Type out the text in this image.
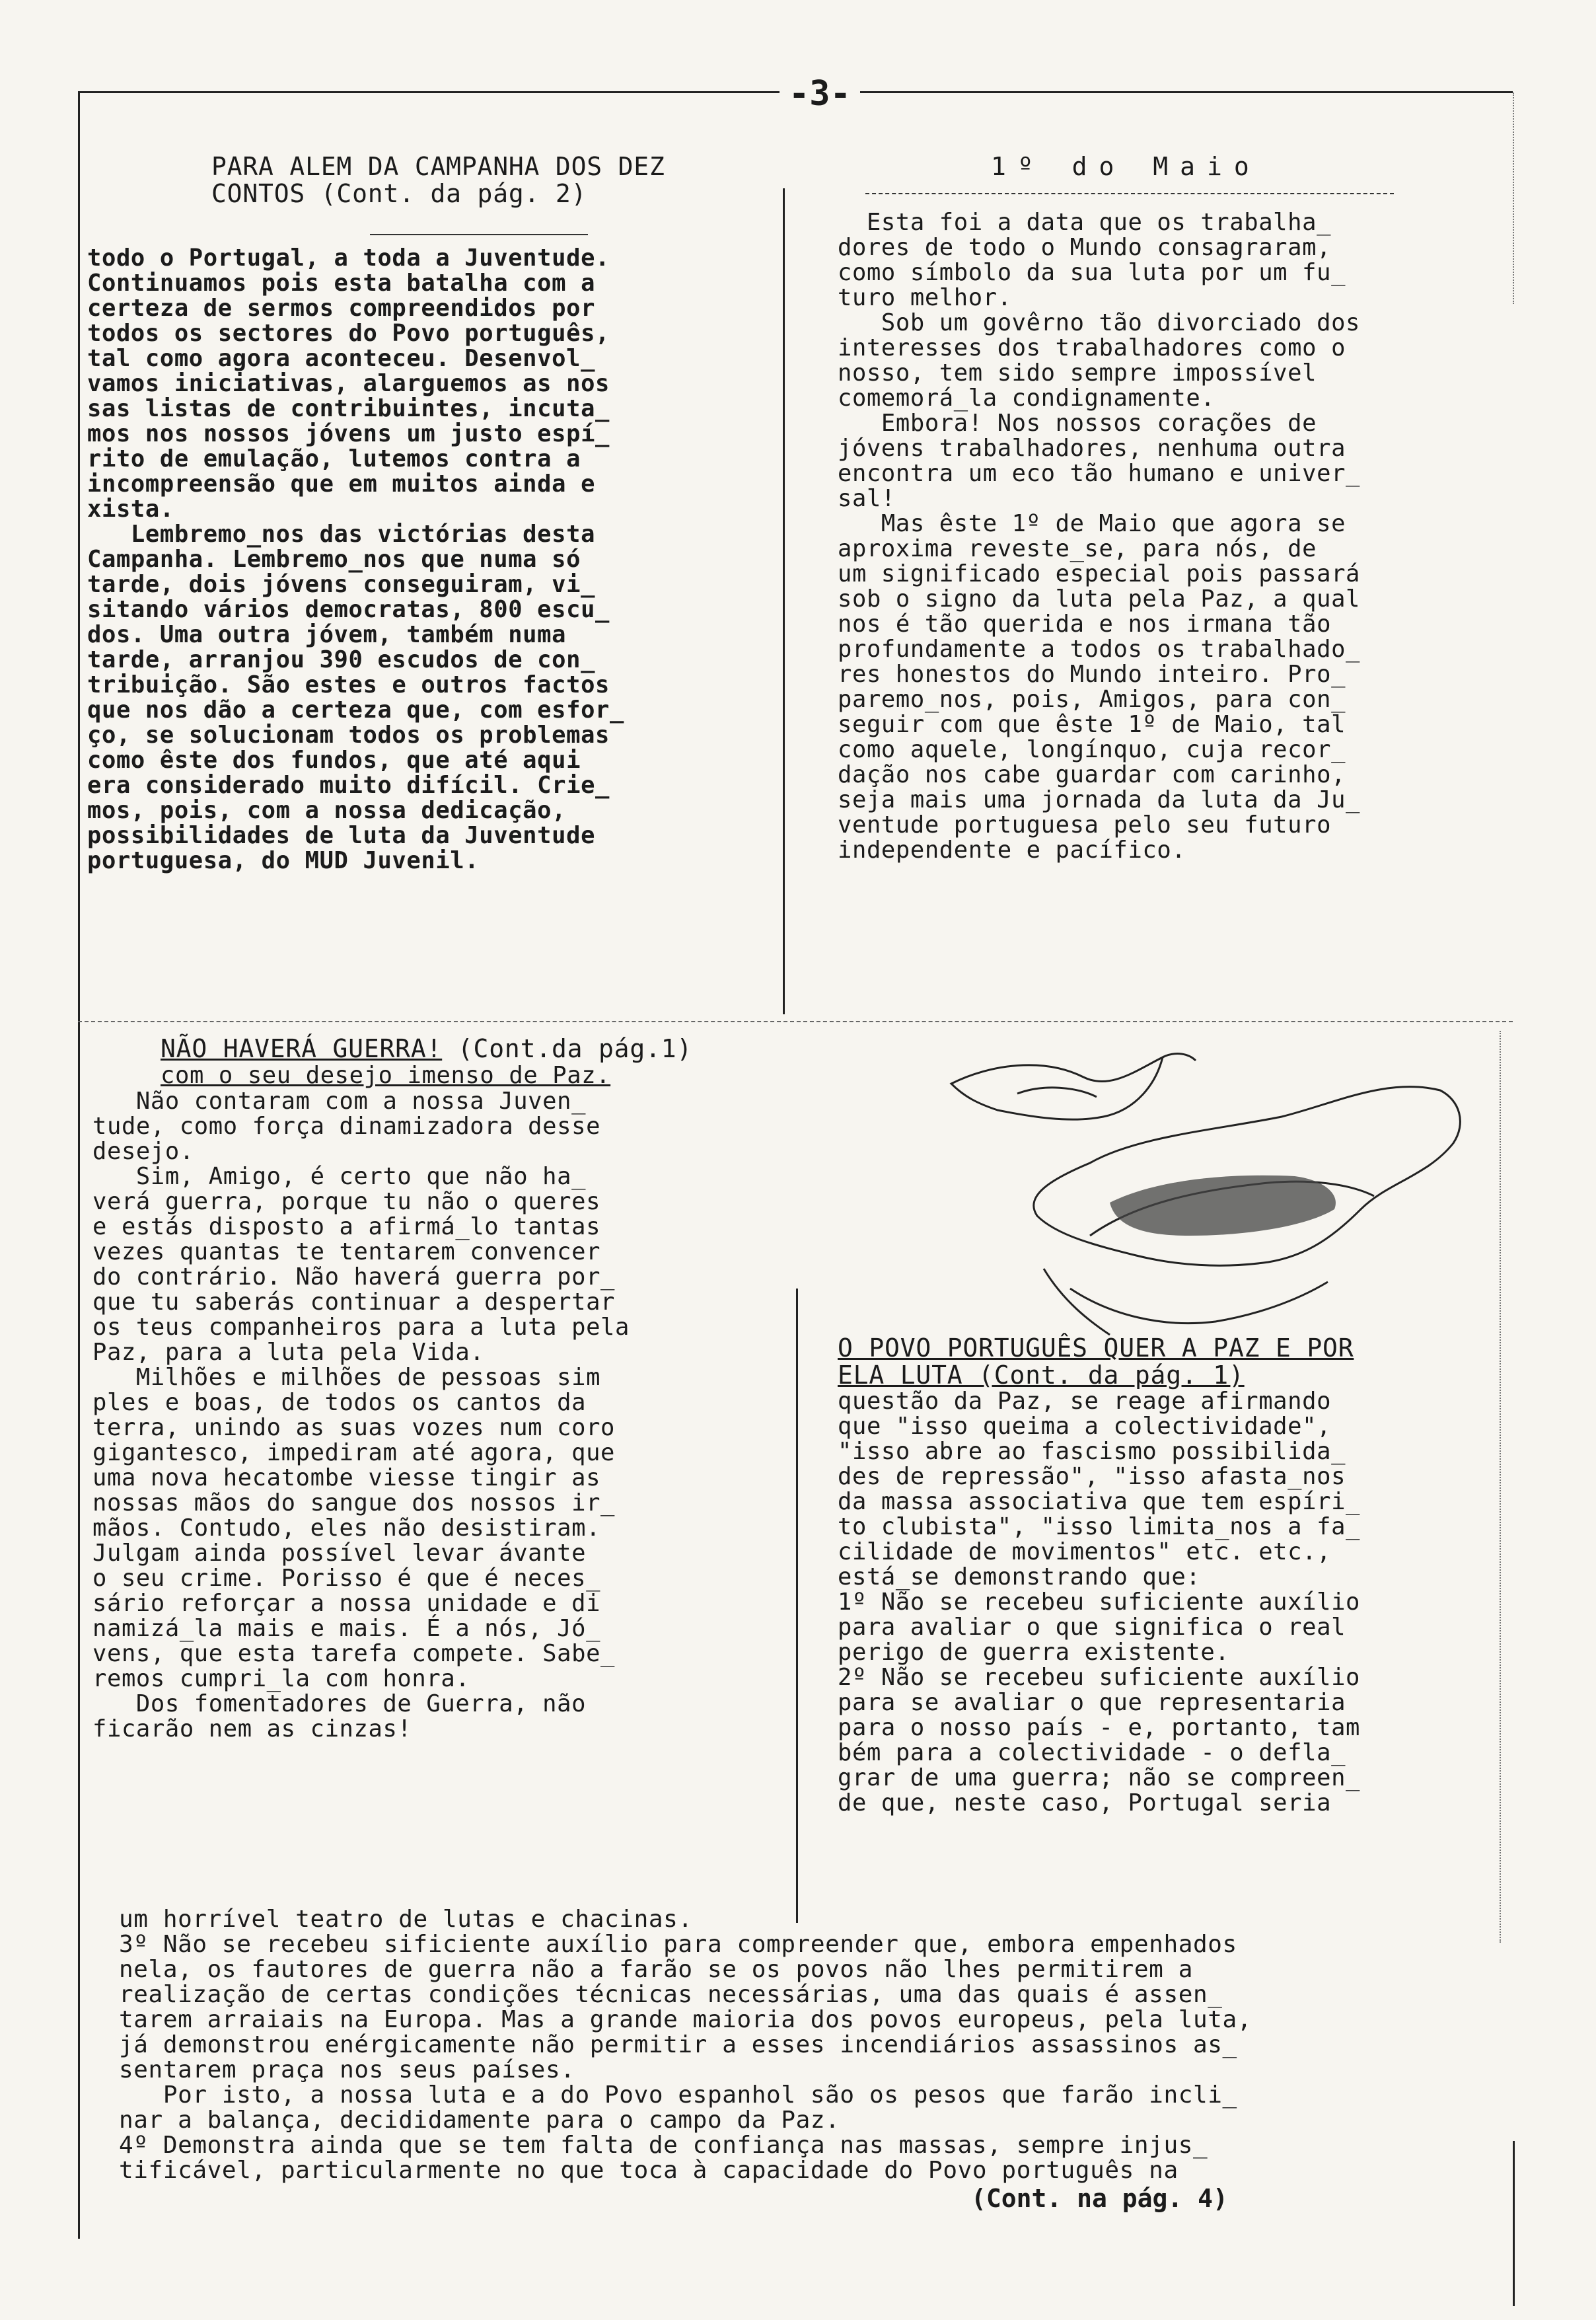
-3-
PARA ALEM DA CAMPANHA DOS DEZ
CONTOS (Cont. da pág. 2)
todo o Portugal, a toda a Juventude.
Continuamos pois esta batalha com a
certeza de sermos compreendidos por
todos os sectores do Povo português,
tal como agora aconteceu. Desenvol_
vamos iniciativas, alarguemos as nos
sas listas de contribuintes, incuta_
mos nos nossos jóvens um justo espí_
rito de emulação, lutemos contra a
incompreensão que em muitos ainda e
xista.
Lembremo_nos das victórias desta
Campanha. Lembremo_nos que numa só
tarde, dois jóvens conseguiram, vi_
sitando vários democratas, 800 escu_
dos. Uma outra jóvem, também numa
tarde, arranjou 390 escudos de con_
tribuição. São estes e outros factos
que nos dão a certeza que, com esfor_
ço, se solucionam todos os problemas
como êste dos fundos, que até aqui
era considerado muito difícil. Crie_
mos, pois, com a nossa dedicação,
possibilidades de luta da Juventude
portuguesa, do MUD Juvenil.
1º do Maio
Esta foi a data que os trabalha_
dores de todo o Mundo consagraram,
como símbolo da sua luta por um fu_
turo melhor.
Sob um govêrno tão divorciado dos
interesses dos trabalhadores como o
nosso, tem sido sempre impossível
comemorá_la condignamente.
Embora! Nos nossos corações de
jóvens trabalhadores, nenhuma outra
encontra um eco tão humano e univer_
sal!
Mas êste 1º de Maio que agora se
aproxima reveste_se, para nós, de
um significado especial pois passará
sob o signo da luta pela Paz, a qual
nos é tão querida e nos irmana tão
profundamente a todos os trabalhado_
res honestos do Mundo inteiro. Pro_
paremo_nos, pois, Amigos, para con_
seguir com que êste 1º de Maio, tal
como aquele, longínquo, cuja recor_
dação nos cabe guardar com carinho,
seja mais uma jornada da luta da Ju_
ventude portuguesa pelo seu futuro
independente e pacífico.
NÃO HAVERÁ GUERRA! (Cont.da pág.1)
com o seu desejo imenso de Paz.
Não contaram com a nossa Juven_
tude, como força dinamizadora desse
desejo.
Sim, Amigo, é certo que não ha_
verá guerra, porque tu não o queres
e estás disposto a afirmá_lo tantas
vezes quantas te tentarem convencer
do contrário. Não haverá guerra por_
que tu saberás continuar a despertar
os teus companheiros para a luta pela
Paz, para a luta pela Vida.
Milhões e milhões de pessoas sim
ples e boas, de todos os cantos da
terra, unindo as suas vozes num coro
gigantesco, impediram até agora, que
uma nova hecatombe viesse tingir as
nossas mãos do sangue dos nossos ir_
mãos. Contudo, eles não desistiram.
Julgam ainda possível levar ávante
o seu crime. Porisso é que é neces_
sário reforçar a nossa unidade e di
namizá_la mais e mais. É a nós, Jó_
vens, que esta tarefa compete. Sabe_
remos cumpri_la com honra.
Dos fomentadores de Guerra, não
ficarão nem as cinzas!
O POVO PORTUGUÊS QUER A PAZ E POR
ELA LUTA (Cont. da pág. 1)
questão da Paz, se reage afirmando
que "isso queima a colectividade",
"isso abre ao fascismo possibilida_
des de repressão", "isso afasta_nos
da massa associativa que tem espíri_
to clubista", "isso limita_nos a fa_
cilidade de movimentos" etc. etc.,
está_se demonstrando que:
1º Não se recebeu suficiente auxílio
para avaliar o que significa o real
perigo de guerra existente.
2º Não se recebeu suficiente auxílio
para se avaliar o que representaria
para o nosso país - e, portanto, tam
bém para a colectividade - o defla_
grar de uma guerra; não se compreen_
de que, neste caso, Portugal seria
um horrível teatro de lutas e chacinas.
3º Não se recebeu sificiente auxílio para compreender que, embora empenhados
nela, os fautores de guerra não a farão se os povos não lhes permitirem a
realização de certas condições técnicas necessárias, uma das quais é assen_
tarem arraiais na Europa. Mas a grande maioria dos povos europeus, pela luta,
já demonstrou enérgicamente não permitir a esses incendiários assassinos as_
sentarem praça nos seus países.
Por isto, a nossa luta e a do Povo espanhol são os pesos que farão incli_
nar a balança, decididamente para o campo da Paz.
4º Demonstra ainda que se tem falta de confiança nas massas, sempre injus_
tificável, particularmente no que toca à capacidade do Povo português na
(Cont. na pág. 4)
